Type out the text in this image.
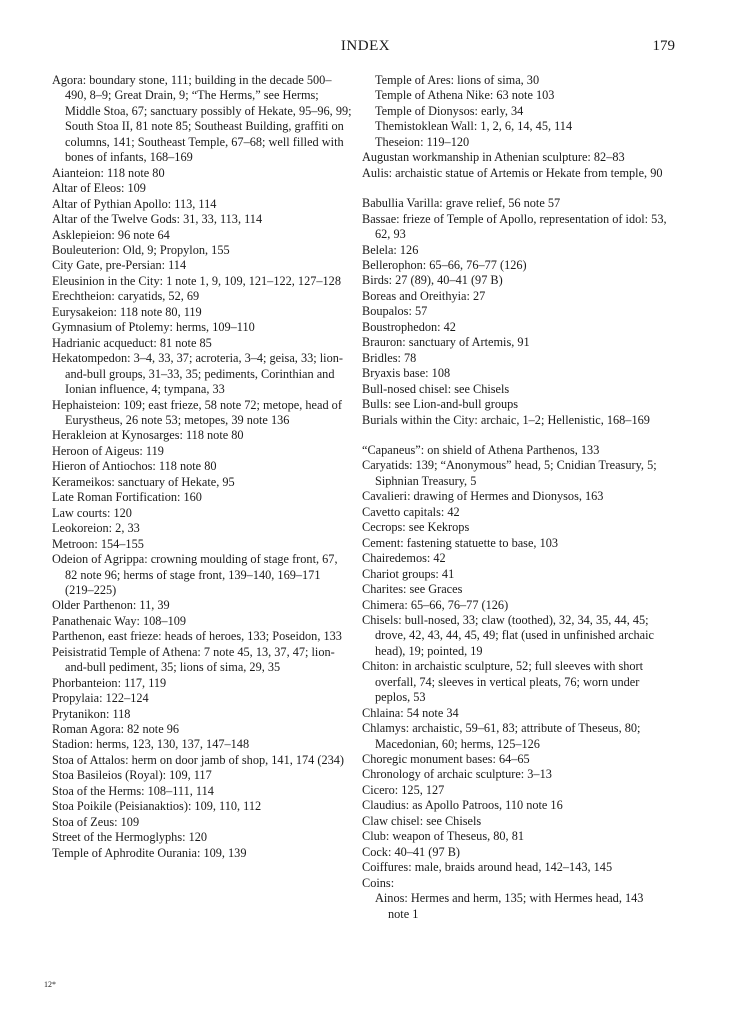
INDEX	179
Agora: boundary stone, 111; building in the decade 500–490, 8–9; Great Drain, 9; “The Herms,” see Herms; Middle Stoa, 67; sanctuary possibly of Hekate, 95–96, 99; South Stoa II, 81 note 85; Southeast Building, graffiti on columns, 141; Southeast Temple, 67–68; well filled with bones of infants, 168–169
Aianteion: 118 note 80
Altar of Eleos: 109
Altar of Pythian Apollo: 113, 114
Altar of the Twelve Gods: 31, 33, 113, 114
Asklepieion: 96 note 64
Bouleuterion: Old, 9; Propylon, 155
City Gate, pre-Persian: 114
Eleusinion in the City: 1 note 1, 9, 109, 121–122, 127–128
Erechtheion: caryatids, 52, 69
Eurysakeion: 118 note 80, 119
Gymnasium of Ptolemy: herms, 109–110
Hadrianic acqueduct: 81 note 85
Hekatompedon: 3–4, 33, 37; acroteria, 3–4; geisa, 33; lion-and-bull groups, 31–33, 35; pediments, Corinthian and Ionian influence, 4; tympana, 33
Hephaisteion: 109; east frieze, 58 note 72; metope, head of Eurystheus, 26 note 53; metopes, 39 note 136
Herakleion at Kynosarges: 118 note 80
Heroon of Aigeus: 119
Hieron of Antiochos: 118 note 80
Kerameikos: sanctuary of Hekate, 95
Late Roman Fortification: 160
Law courts: 120
Leokoreion: 2, 33
Metroon: 154–155
Odeion of Agrippa: crowning moulding of stage front, 67, 82 note 96; herms of stage front, 139–140, 169–171 (219–225)
Older Parthenon: 11, 39
Panathenaic Way: 108–109
Parthenon, east frieze: heads of heroes, 133; Poseidon, 133
Peisistratid Temple of Athena: 7 note 45, 13, 37, 47; lion-and-bull pediment, 35; lions of sima, 29, 35
Phorbanteion: 117, 119
Propylaia: 122–124
Prytanikon: 118
Roman Agora: 82 note 96
Stadion: herms, 123, 130, 137, 147–148
Stoa of Attalos: herm on door jamb of shop, 141, 174 (234)
Stoa Basileios (Royal): 109, 117
Stoa of the Herms: 108–111, 114
Stoa Poikile (Peisianaktios): 109, 110, 112
Stoa of Zeus: 109
Street of the Hermoglyphs: 120
Temple of Aphrodite Ourania: 109, 139
Temple of Ares: lions of sima, 30
Temple of Athena Nike: 63 note 103
Temple of Dionysos: early, 34
Themistoklean Wall: 1, 2, 6, 14, 45, 114
Theseion: 119–120
Augustan workmanship in Athenian sculpture: 82–83
Aulis: archaistic statue of Artemis or Hekate from temple, 90
Babullia Varilla: grave relief, 56 note 57
Bassae: frieze of Temple of Apollo, representation of idol: 53, 62, 93
Belela: 126
Bellerophon: 65–66, 76–77 (126)
Birds: 27 (89), 40–41 (97 B)
Boreas and Oreithyia: 27
Boupalos: 57
Boustrophedon: 42
Brauron: sanctuary of Artemis, 91
Bridles: 78
Bryaxis base: 108
Bull-nosed chisel: see Chisels
Bulls: see Lion-and-bull groups
Burials within the City: archaic, 1–2; Hellenistic, 168–169
“Capaneus”: on shield of Athena Parthenos, 133
Caryatids: 139; “Anonymous” head, 5; Cnidian Treasury, 5; Siphnian Treasury, 5
Cavalieri: drawing of Hermes and Dionysos, 163
Cavetto capitals: 42
Cecrops: see Kekrops
Cement: fastening statuette to base, 103
Chairedemos: 42
Chariot groups: 41
Charites: see Graces
Chimera: 65–66, 76–77 (126)
Chisels: bull-nosed, 33; claw (toothed), 32, 34, 35, 44, 45; drove, 42, 43, 44, 45, 49; flat (used in unfinished archaic head), 19; pointed, 19
Chiton: in archaistic sculpture, 52; full sleeves with short overfall, 74; sleeves in vertical pleats, 76; worn under peplos, 53
Chlaina: 54 note 34
Chlamys: archaistic, 59–61, 83; attribute of Theseus, 80; Macedonian, 60; herms, 125–126
Choregic monument bases: 64–65
Chronology of archaic sculpture: 3–13
Cicero: 125, 127
Claudius: as Apollo Patroos, 110 note 16
Claw chisel: see Chisels
Club: weapon of Theseus, 80, 81
Cock: 40–41 (97 B)
Coiffures: male, braids around head, 142–143, 145
Coins:
Ainos: Hermes and herm, 135; with Hermes head, 143 note 1
12*
